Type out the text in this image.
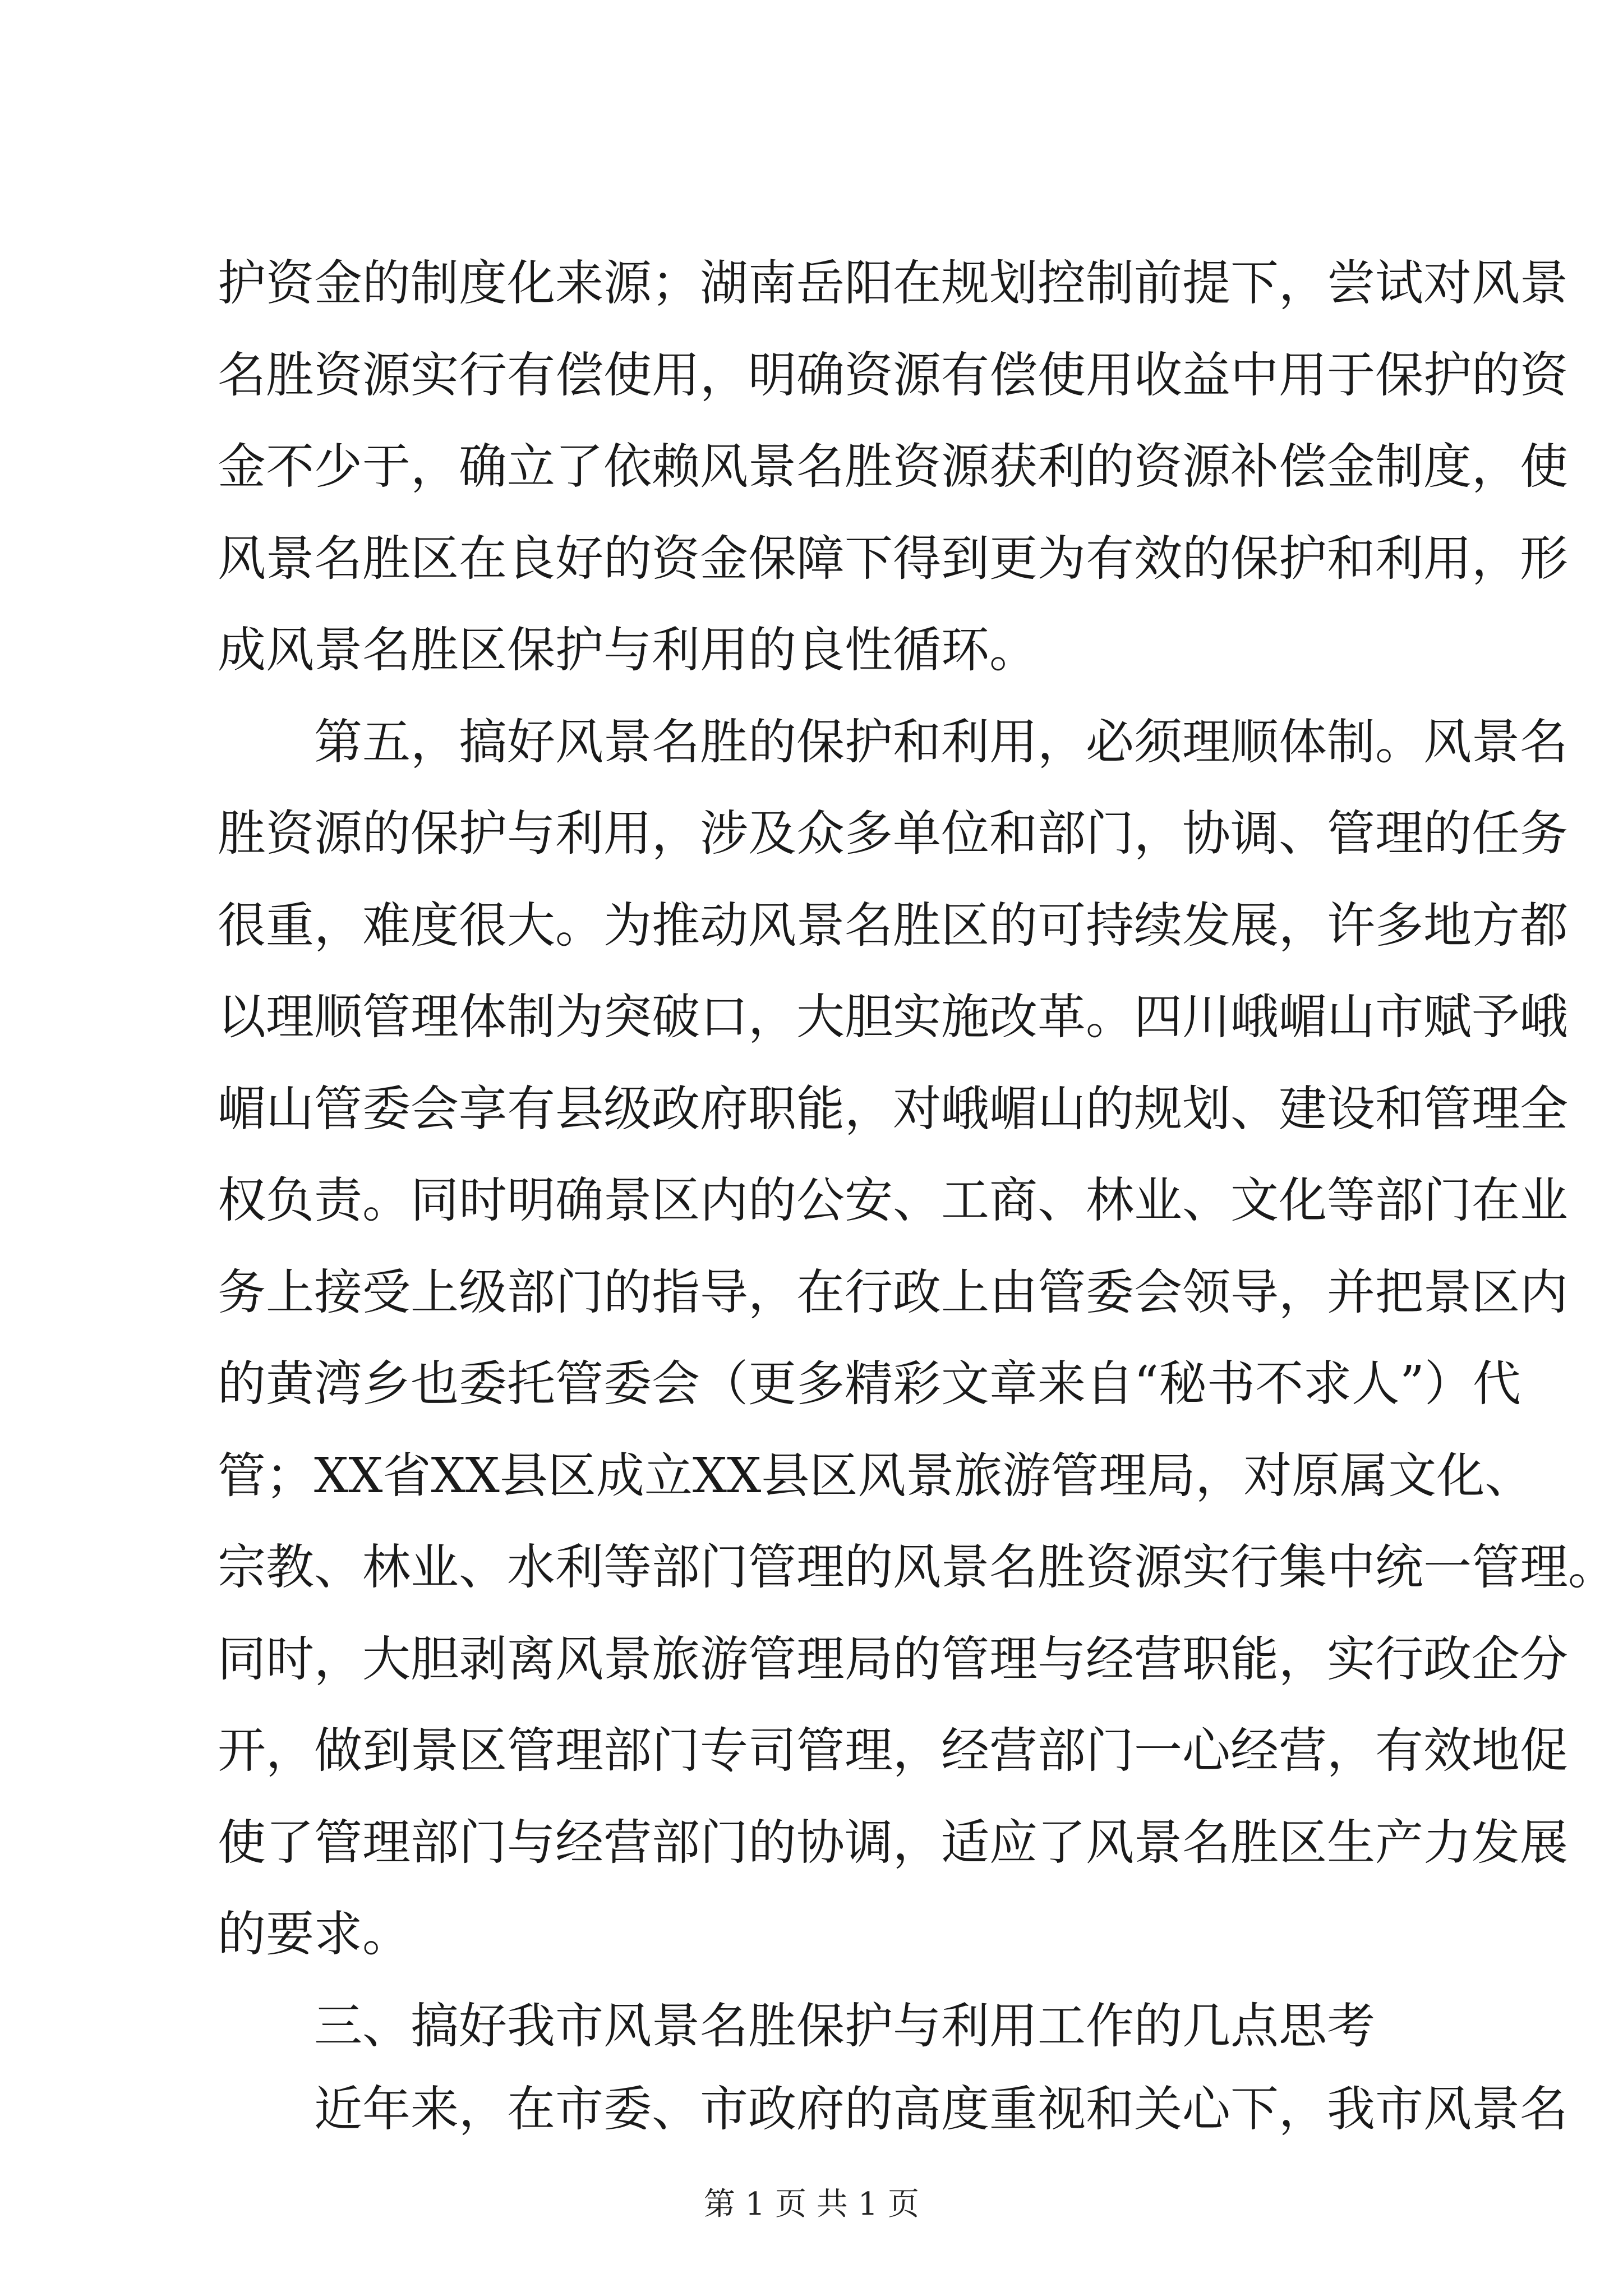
护资金的制度化来源；湖南岳阳在规划控制前提下，尝试对风景
名胜资源实行有偿使用，明确资源有偿使用收益中用于保护的资
金不少于，确立了依赖风景名胜资源获利的资源补偿金制度，使
风景名胜区在良好的资金保障下得到更为有效的保护和利用，形
成风景名胜区保护与利用的良性循环。
第五，搞好风景名胜的保护和利用，必须理顺体制。风景名
胜资源的保护与利用，涉及众多单位和部门，协调、管理的任务
很重，难度很大。为推动风景名胜区的可持续发展，许多地方都
以理顺管理体制为突破口，大胆实施改革。四川峨嵋山市赋予峨
嵋山管委会享有县级政府职能，对峨嵋山的规划、建设和管理全
权负责。同时明确景区内的公安、工商、林业、文化等部门在业
务上接受上级部门的指导，在行政上由管委会领导，并把景区内
的黄湾乡也委托管委会（更多精彩文章来自“秘书不求人”）代
管；XX省XX县区成立XX县区风景旅游管理局，对原属文化、
宗教、林业、水利等部门管理的风景名胜资源实行集中统一管理。
同时，大胆剥离风景旅游管理局的管理与经营职能，实行政企分
开，做到景区管理部门专司管理，经营部门一心经营，有效地促
使了管理部门与经营部门的协调，适应了风景名胜区生产力发展
的要求。
三、搞好我市风景名胜保护与利用工作的几点思考
近年来，在市委、市政府的高度重视和关心下，我市风景名
第 1 页 共 1 页
